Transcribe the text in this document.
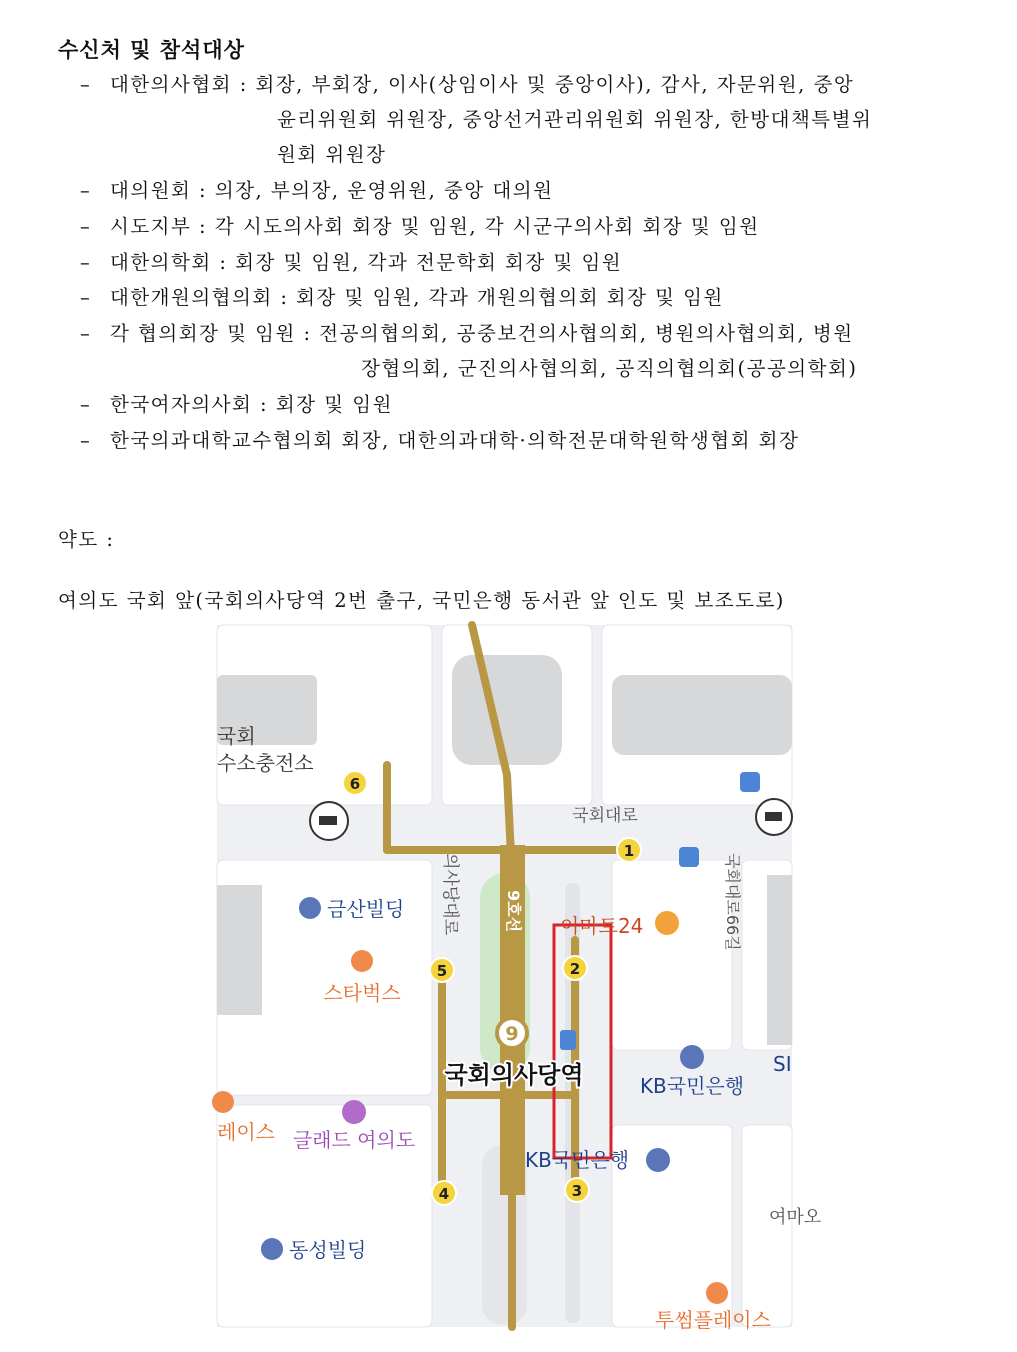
수신처 및 참석대상
– 대한의사협회 : 회장, 부회장, 이사(상임이사 및 중앙이사), 감사, 자문위원, 중앙
윤리위원회 위원장, 중앙선거관리위원회 위원장, 한방대책특별위
원회 위원장
– 대의원회 : 의장, 부의장, 운영위원, 중앙 대의원
– 시도지부 : 각 시도의사회 회장 및 임원, 각 시군구의사회 회장 및 임원
– 대한의학회 : 회장 및 임원, 각과 전문학회 회장 및 임원
– 대한개원의협의회 : 회장 및 임원, 각과 개원의협의회 회장 및 임원
– 각 협의회장 및 임원 : 전공의협의회, 공중보건의사협의회, 병원의사협의회, 병원
장협의회, 군진의사협의회, 공직의협의회(공공의학회)
– 한국여자의사회 : 회장 및 임원
– 한국의과대학교수협의회 회장, 대한의과대학·의학전문대학원학생협회 회장
약도 :
여의도 국회 앞(국회의사당역 2번 출구, 국민은행 동서관 앞 인도 및 보조도로)
9
9호선
1
2
3
4
5
6
국회의사당역
국회대로
의사당대로	국회대로66길
금산빌딩
스타벅스
이마트24
KB국민은행
KB국민은행
글래드 여의도
동성빌딩
국회
수소충전소
레이스
SI
여마오
투썸플레이스
